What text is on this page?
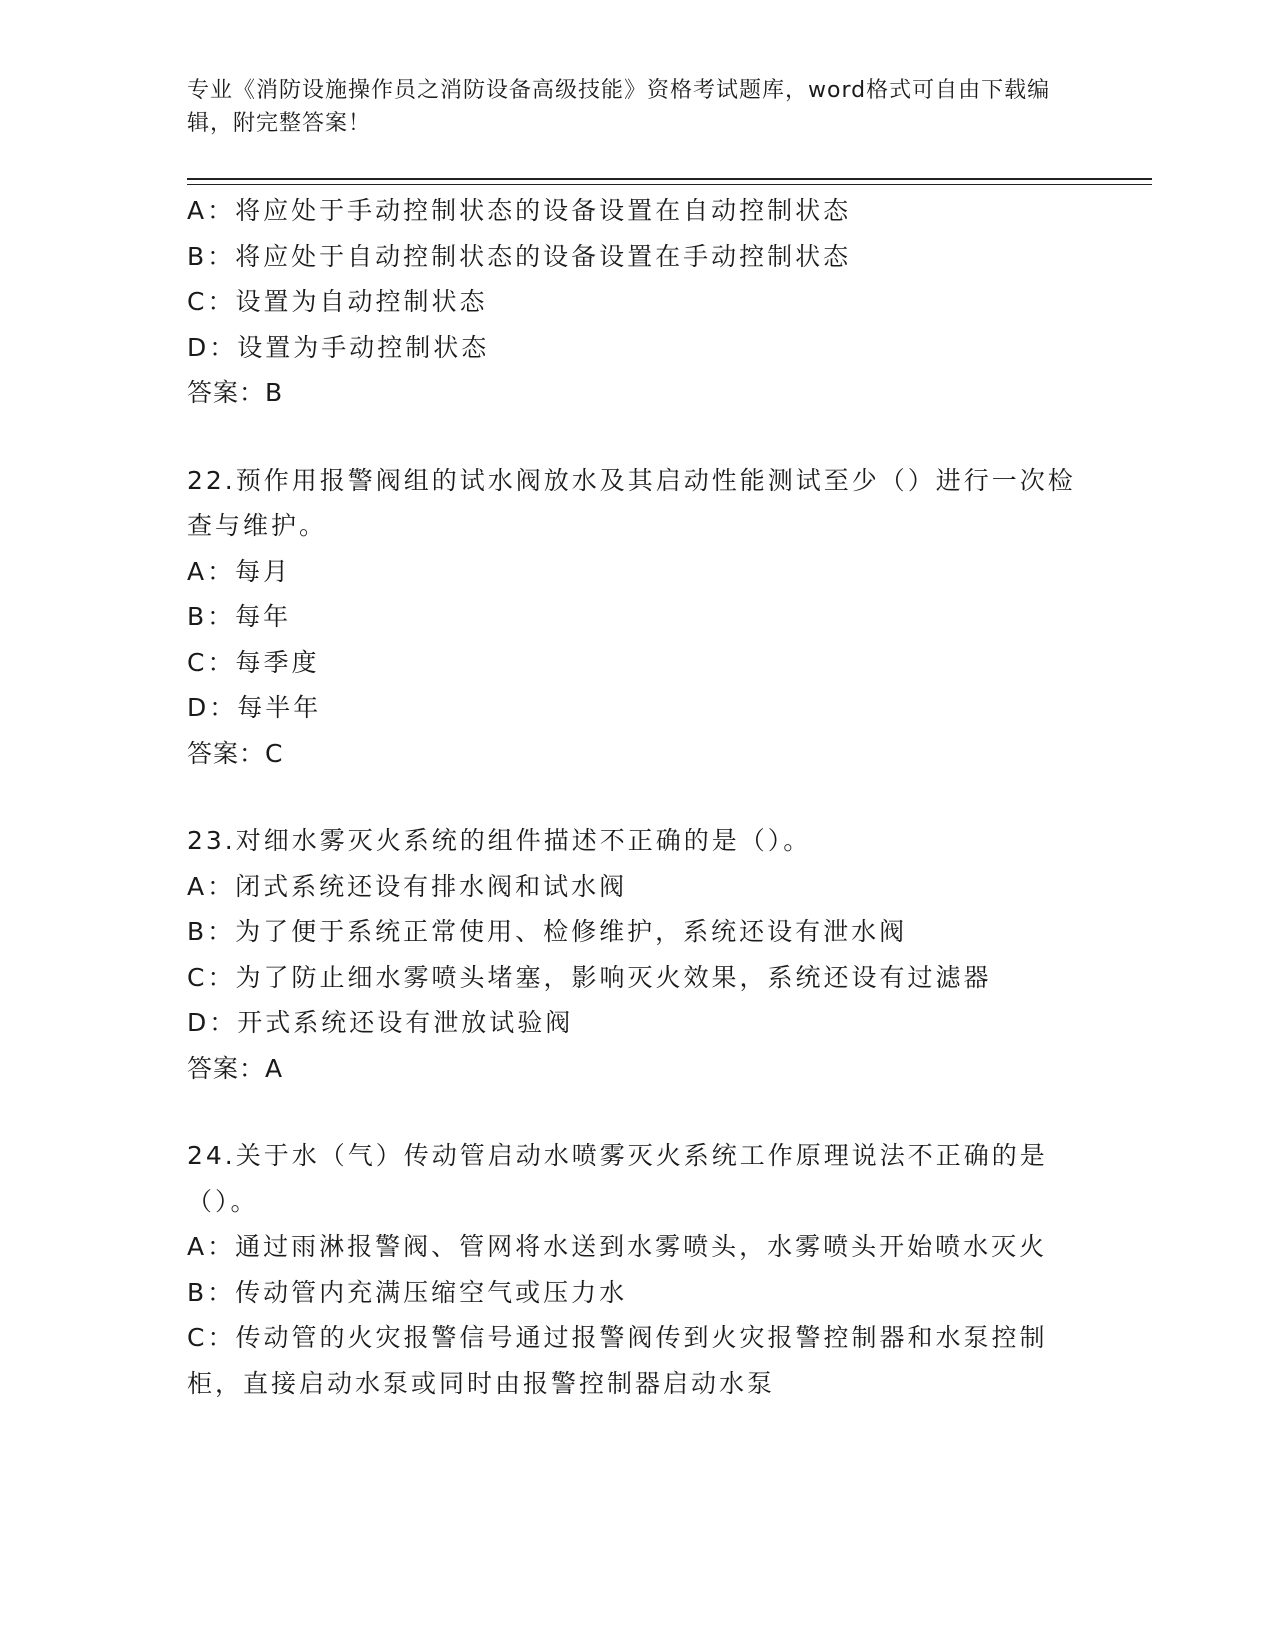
专业《消防设施操作员之消防设备高级技能》资格考试题库，word格式可自由下载编辑，附完整答案！
A：将应处于手动控制状态的设备设置在自动控制状态
B：将应处于自动控制状态的设备设置在手动控制状态
C：设置为自动控制状态
D：设置为手动控制状态
答案：B
22.预作用报警阀组的试水阀放水及其启动性能测试至少（）进行一次检查与维护。
A：每月
B：每年
C：每季度
D：每半年
答案：C
23.对细水雾灭火系统的组件描述不正确的是（）。
A：闭式系统还设有排水阀和试水阀
B：为了便于系统正常使用、检修维护，系统还设有泄水阀
C：为了防止细水雾喷头堵塞，影响灭火效果，系统还设有过滤器
D：开式系统还设有泄放试验阀
答案：A
24.关于水（气）传动管启动水喷雾灭火系统工作原理说法不正确的是（）。
A：通过雨淋报警阀、管网将水送到水雾喷头，水雾喷头开始喷水灭火
B：传动管内充满压缩空气或压力水
C：传动管的火灾报警信号通过报警阀传到火灾报警控制器和水泵控制柜，直接启动水泵或同时由报警控制器启动水泵
